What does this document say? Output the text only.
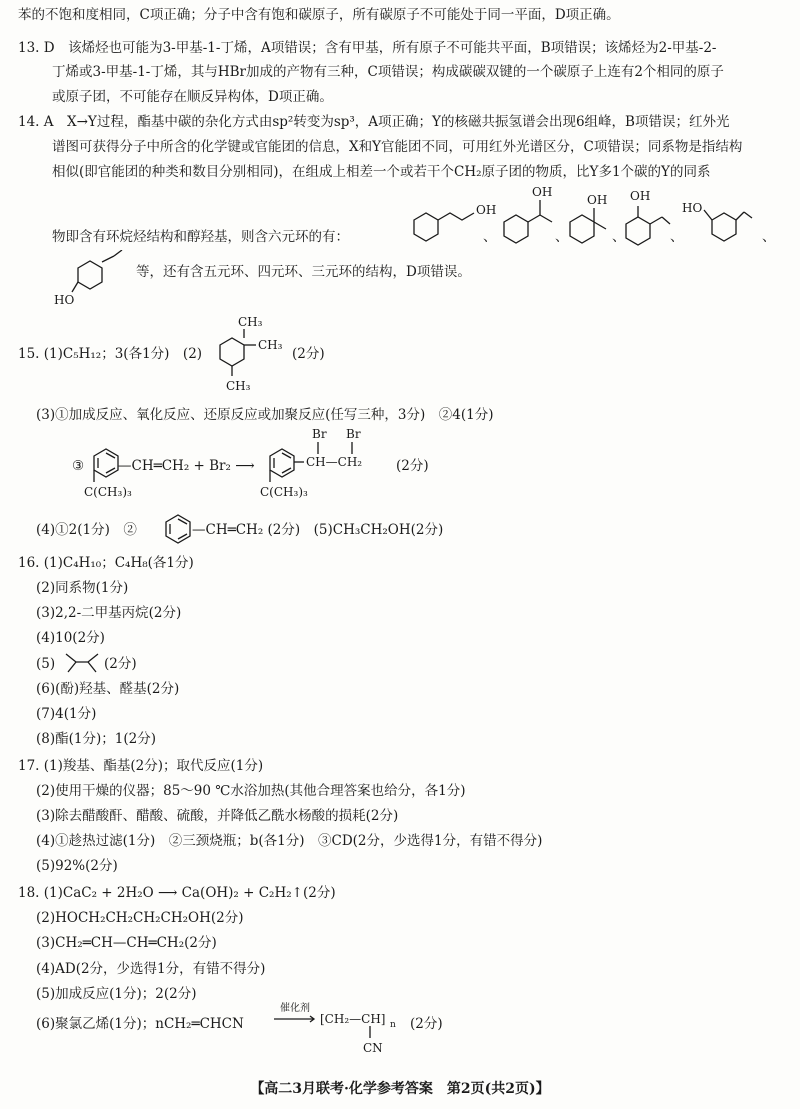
苯的不饱和度相同，C项正确；分子中含有饱和碳原子，所有碳原子不可能处于同一平面，D项正确。
13. D　该烯烃也可能为3-甲基-1-丁烯，A项错误；含有甲基，所有原子不可能共平面，B项错误；该烯烃为2-甲基-2-
丁烯或3-甲基-1-丁烯，其与HBr加成的产物有三种，C项错误；构成碳碳双键的一个碳原子上连有2个相同的原子
或原子团，不可能存在顺反异构体，D项正确。
14. A　X→Y过程，酯基中碳的杂化方式由sp²转变为sp³，A项正确；Y的核磁共振氢谱会出现6组峰，B项错误；红外光
谱图可获得分子中所含的化学键或官能团的信息，X和Y官能团不同，可用红外光谱区分，C项错误；同系物是指结构
相似(即官能团的种类和数目分别相同)，在组成上相差一个或若干个CH₂原子团的物质，比Y多1个碳的Y的同系
物即含有环烷烃结构和醇羟基，则含六元环的有：
OH
、
OH
、
OH
、
OH
、
HO
、
HO
等，还有含五元环、四元环、三元环的结构，D项错误。
15. (1)C₅H₁₂；3(各1分)　(2)
CH₃
CH₃
CH₃
(2分)
(3)①加成反应、氧化反应、还原反应或加聚反应(任写三种，3分)　②4(1分)
③
C(CH₃)₃
—CH═CH₂ + Br₂ ⟶
Br Br
CH—CH₂
C(CH₃)₃
(2分)
(4)①2(1分)　②	—CH═CH₂ (2分)　(5)CH₃CH₂OH(2分)
16. (1)C₄H₁₀；C₄H₈(各1分)
(2)同系物(1分)
(3)2,2-二甲基丙烷(2分)
(4)10(2分)
(5)	(2分)
(6)(酚)羟基、醛基(2分)
(7)4(1分)
(8)酯(1分)；1(2分)
17. (1)羧基、酯基(2分)；取代反应(1分)
(2)使用干燥的仪器；85～90 ℃水浴加热(其他合理答案也给分，各1分)
(3)除去醋酸酐、醋酸、硫酸，并降低乙酰水杨酸的损耗(2分)
(4)①趁热过滤(1分)　②三颈烧瓶；b(各1分)　③CD(2分，少选得1分，有错不得分)
(5)92%(2分)
18. (1)CaC₂ + 2H₂O ⟶ Ca(OH)₂ + C₂H₂↑(2分)
(2)HOCH₂CH₂CH₂CH₂OH(2分)
(3)CH₂═CH—CH═CH₂(2分)
(4)AD(2分，少选得1分，有错不得分)
(5)加成反应(1分)；2(2分)
(6)聚氯乙烯(1分)；nCH₂═CHCN
催化剂
[CH₂—CH] n
CN
(2分)
【高二3月联考·化学参考答案　第2页(共2页)】
